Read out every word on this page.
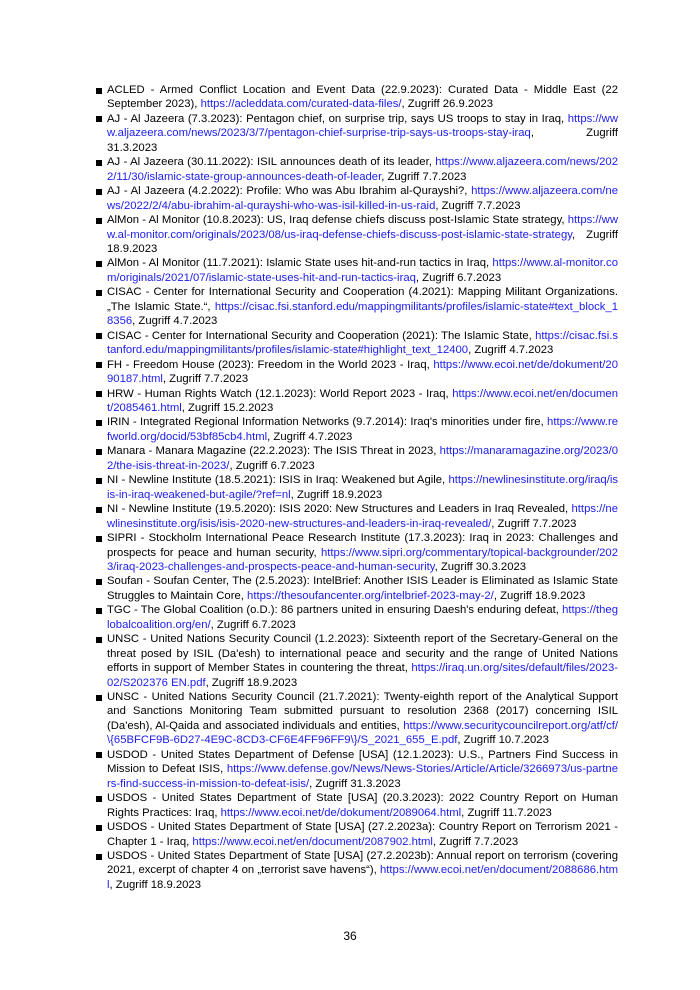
ACLED - Armed Conflict Location and Event Data (22.9.2023): Curated Data - Middle East (22 September 2023), https://acleddata.com/curated-data-files/, Zugriff 26.9.2023
AJ - Al Jazeera (7.3.2023): Pentagon chief, on surprise trip, says US troops to stay in Iraq, https://www.aljazeera.com/news/2023/3/7/pentagon-chief-surprise-trip-says-us-troops-stay-iraq, Zugriff 31.3.2023
AJ - Al Jazeera (30.11.2022): ISIL announces death of its leader, https://www.aljazeera.com/news/2022/11/30/islamic-state-group-announces-death-of-leader, Zugriff 7.7.2023
AJ - Al Jazeera (4.2.2022): Profile: Who was Abu Ibrahim al-Qurayshi?, https://www.aljazeera.com/news/2022/2/4/abu-ibrahim-al-qurayshi-who-was-isil-killed-in-us-raid, Zugriff 7.7.2023
AlMon - Al Monitor (10.8.2023): US, Iraq defense chiefs discuss post-Islamic State strategy, https://www.al-monitor.com/originals/2023/08/us-iraq-defense-chiefs-discuss-post-islamic-state-strategy, Zugriff 18.9.2023
AlMon - Al Monitor (11.7.2021): Islamic State uses hit-and-run tactics in Iraq, https://www.al-monitor.com/originals/2021/07/islamic-state-uses-hit-and-run-tactics-iraq, Zugriff 6.7.2023
CISAC - Center for International Security and Cooperation (4.2021): Mapping Militant Organizations. „The Islamic State.“, https://cisac.fsi.stanford.edu/mappingmilitants/profiles/islamic-state#text_block_18356, Zugriff 4.7.2023
CISAC - Center for International Security and Cooperation (2021): The Islamic State, https://cisac.fsi.stanford.edu/mappingmilitants/profiles/islamic-state#highlight_text_12400, Zugriff 4.7.2023
FH - Freedom House (2023): Freedom in the World 2023 - Iraq, https://www.ecoi.net/de/dokument/2090187.html, Zugriff 7.7.2023
HRW - Human Rights Watch (12.1.2023): World Report 2023 - Iraq, https://www.ecoi.net/en/document/2085461.html, Zugriff 15.2.2023
IRIN - Integrated Regional Information Networks (9.7.2014): Iraq's minorities under fire, https://www.refworld.org/docid/53bf85cb4.html, Zugriff 4.7.2023
Manara - Manara Magazine (22.2.2023): The ISIS Threat in 2023, https://manaramagazine.org/2023/02/the-isis-threat-in-2023/, Zugriff 6.7.2023
NI - Newline Institute (18.5.2021): ISIS in Iraq: Weakened but Agile, https://newlinesinstitute.org/iraq/isis-in-iraq-weakened-but-agile/?ref=nl, Zugriff 18.9.2023
NI - Newline Institute (19.5.2020): ISIS 2020: New Structures and Leaders in Iraq Revealed, https://newlinesinstitute.org/isis/isis-2020-new-structures-and-leaders-in-iraq-revealed/, Zugriff 7.7.2023
SIPRI - Stockholm International Peace Research Institute (17.3.2023): Iraq in 2023: Challenges and prospects for peace and human security, https://www.sipri.org/commentary/topical-backgrounder/2023/iraq-2023-challenges-and-prospects-peace-and-human-security, Zugriff 30.3.2023
Soufan - Soufan Center, The (2.5.2023): IntelBrief: Another ISIS Leader is Eliminated as Islamic State Struggles to Maintain Core, https://thesoufancenter.org/intelbrief-2023-may-2/, Zugriff 18.9.2023
TGC - The Global Coalition (o.D.): 86 partners united in ensuring Daesh's enduring defeat, https://theglobalcoalition.org/en/, Zugriff 6.7.2023
UNSC - United Nations Security Council (1.2.2023): Sixteenth report of the Secretary-General on the threat posed by ISIL (Da'esh) to international peace and security and the range of United Nations efforts in support of Member States in countering the threat, https://iraq.un.org/sites/default/files/2023-02/S202376 EN.pdf, Zugriff 18.9.2023
UNSC - United Nations Security Council (21.7.2021): Twenty-eighth report of the Analytical Support and Sanctions Monitoring Team submitted pursuant to resolution 2368 (2017) concerning ISIL (Da'esh), Al-Qaida and associated individuals and entities, https://www.securitycouncilreport.org/atf/cf/\{65BFCF9B-6D27-4E9C-8CD3-CF6E4FF96FF9\}/S_2021_655_E.pdf, Zugriff 10.7.2023
USDOD - United States Department of Defense [USA] (12.1.2023): U.S., Partners Find Success in Mission to Defeat ISIS, https://www.defense.gov/News/News-Stories/Article/Article/3266973/us-partners-find-success-in-mission-to-defeat-isis/, Zugriff 31.3.2023
USDOS - United States Department of State [USA] (20.3.2023): 2022 Country Report on Human Rights Practices: Iraq, https://www.ecoi.net/de/dokument/2089064.html, Zugriff 11.7.2023
USDOS - United States Department of State [USA] (27.2.2023a): Country Report on Terrorism 2021 - Chapter 1 - Iraq, https://www.ecoi.net/en/document/2087902.html, Zugriff 7.7.2023
USDOS - United States Department of State [USA] (27.2.2023b): Annual report on terrorism (covering 2021, excerpt of chapter 4 on „terrorist save havens“), https://www.ecoi.net/en/document/2088686.html, Zugriff 18.9.2023
36
